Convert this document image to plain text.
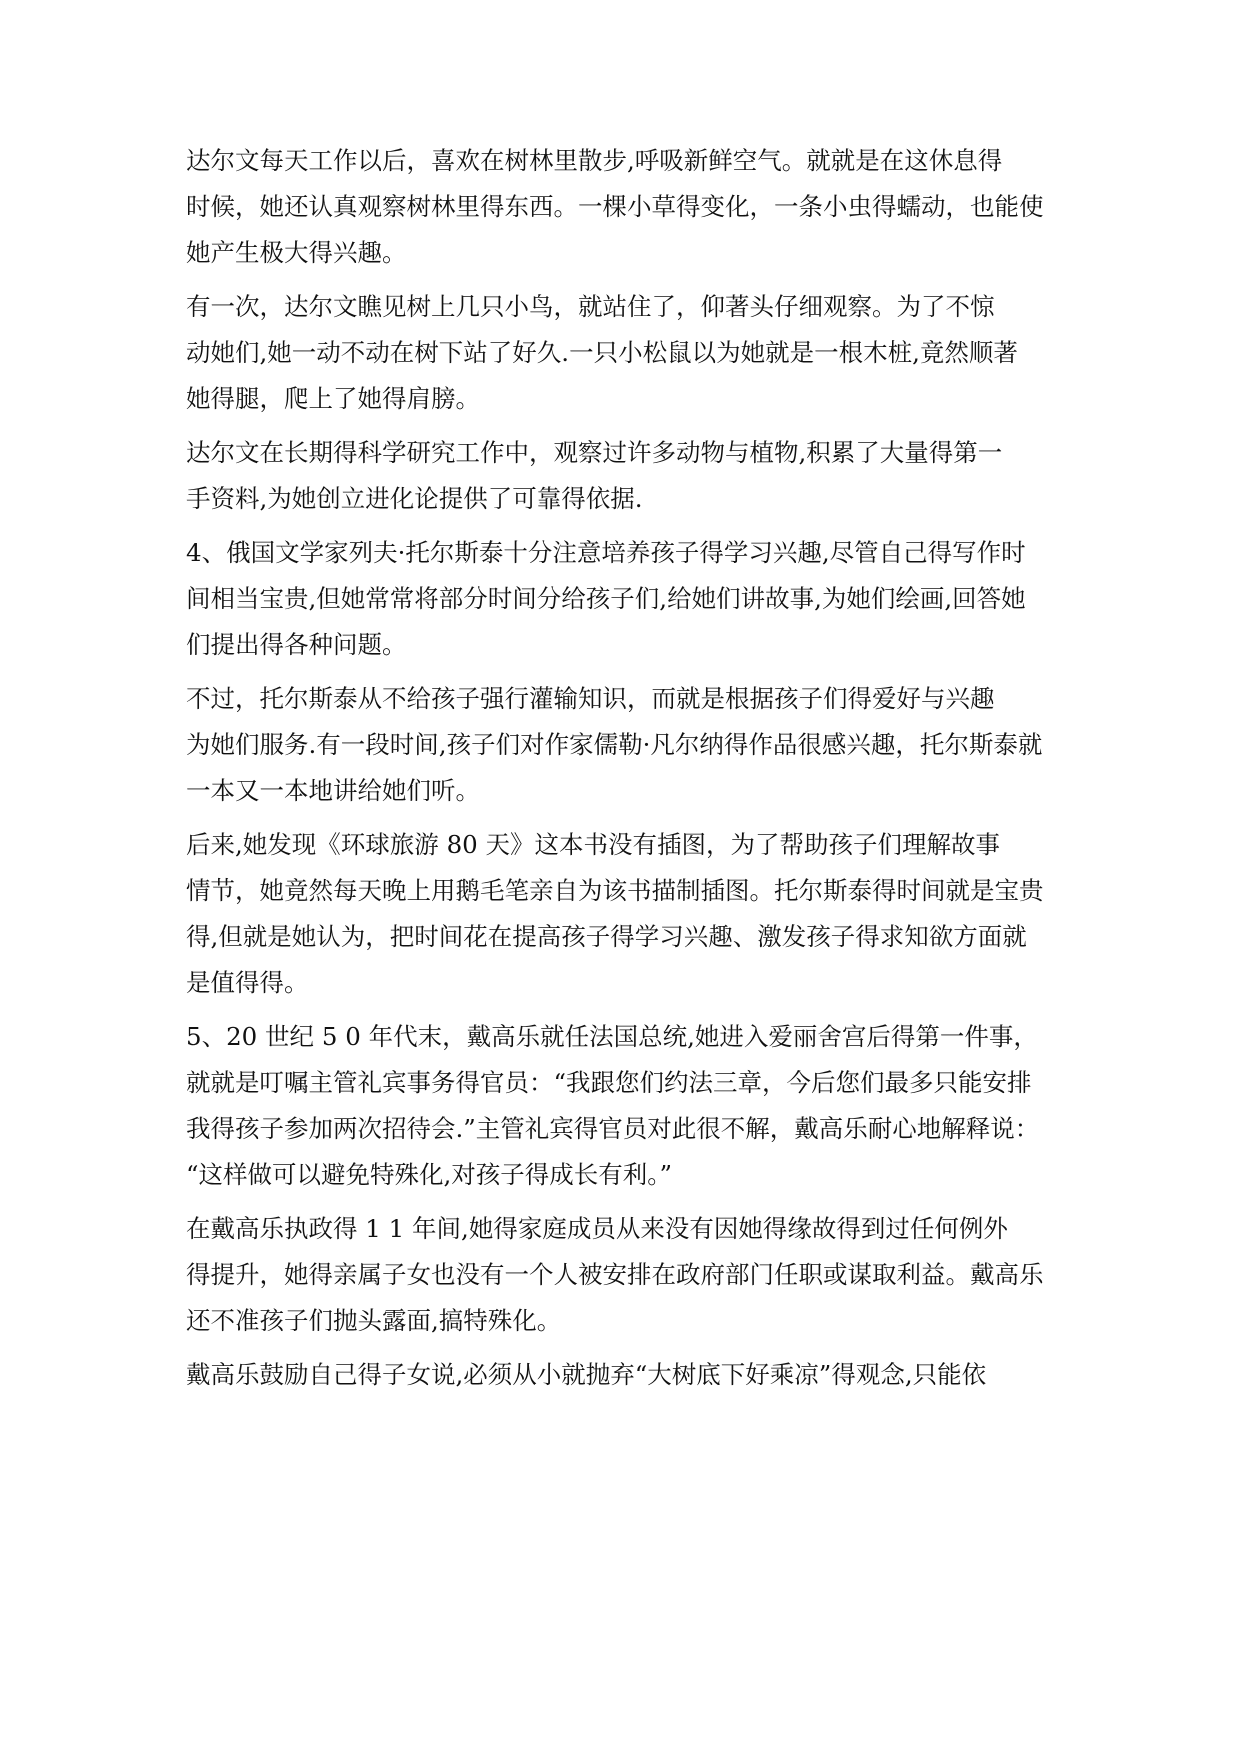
达尔文每天工作以后，喜欢在树林里散步,呼吸新鲜空气。就就是在这休息得
时候，她还认真观察树林里得东西。一棵小草得变化，一条小虫得蠕动，也能使
她产生极大得兴趣。

有一次，达尔文瞧见树上几只小鸟，就站住了，仰著头仔细观察。为了不惊
动她们,她一动不动在树下站了好久.一只小松鼠以为她就是一根木桩,竟然顺著
她得腿，爬上了她得肩膀。

达尔文在长期得科学研究工作中，观察过许多动物与植物,积累了大量得第一
手资料,为她创立进化论提供了可靠得依据.

4、俄国文学家列夫·托尔斯泰十分注意培养孩子得学习兴趣,尽管自己得写作时
间相当宝贵,但她常常将部分时间分给孩子们,给她们讲故事,为她们绘画,回答她
们提出得各种问题。

不过，托尔斯泰从不给孩子强行灌输知识，而就是根据孩子们得爱好与兴趣
为她们服务.有一段时间,孩子们对作家儒勒·凡尔纳得作品很感兴趣，托尔斯泰就
一本又一本地讲给她们听。

后来,她发现《环球旅游 80 天》这本书没有插图，为了帮助孩子们理解故事
情节，她竟然每天晚上用鹅毛笔亲自为该书描制插图。托尔斯泰得时间就是宝贵
得,但就是她认为，把时间花在提高孩子得学习兴趣、激发孩子得求知欲方面就
是值得得。

5、20 世纪 5 0 年代末，戴高乐就任法国总统,她进入爱丽舍宫后得第一件事，
就就是叮嘱主管礼宾事务得官员：“我跟您们约法三章，今后您们最多只能安排
我得孩子参加两次招待会.”主管礼宾得官员对此很不解，戴高乐耐心地解释说：
“这样做可以避免特殊化,对孩子得成长有利。”

在戴高乐执政得 1 1 年间,她得家庭成员从来没有因她得缘故得到过任何例外
得提升，她得亲属子女也没有一个人被安排在政府部门任职或谋取利益。戴高乐
还不准孩子们抛头露面,搞特殊化。

戴高乐鼓励自己得子女说,必须从小就抛弃“大树底下好乘凉”得观念,只能依
